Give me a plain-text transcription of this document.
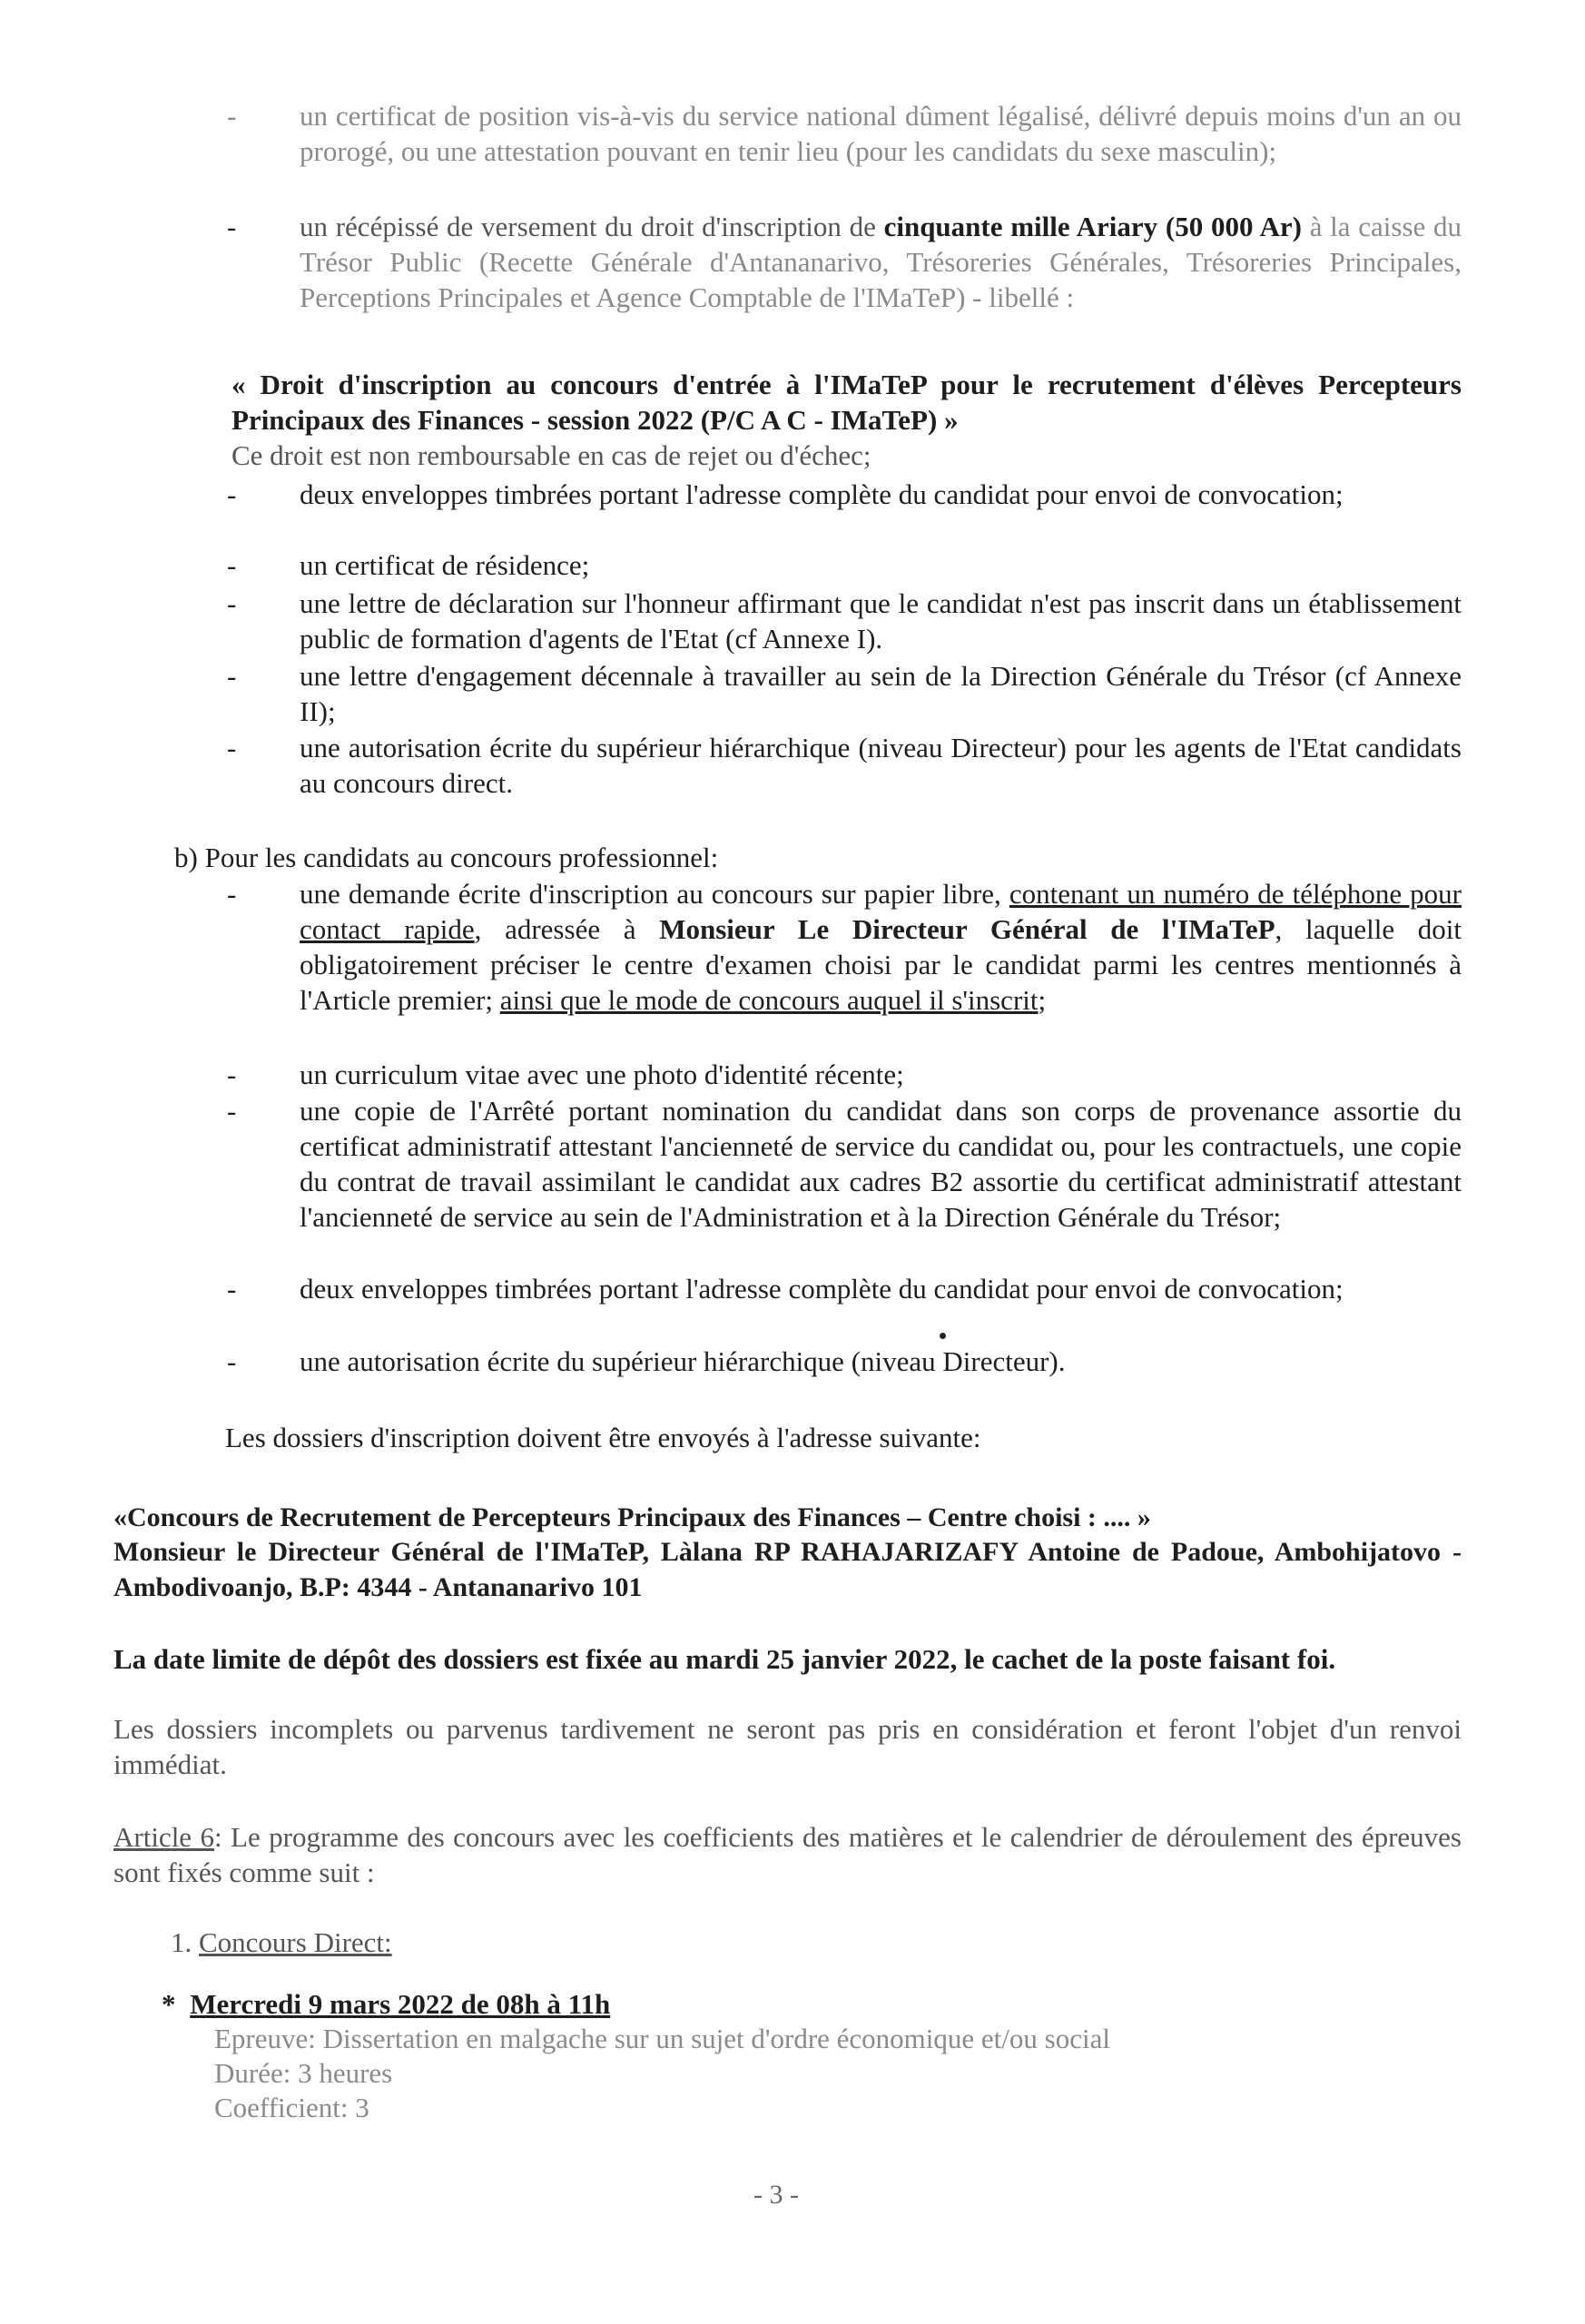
- un certificat de position vis-à-vis du service national dûment légalisé, délivré depuis moins d'un an ou prorogé, ou une attestation pouvant en tenir lieu (pour les candidats du sexe masculin);
- un récépissé de versement du droit d'inscription de cinquante mille Ariary (50 000 Ar) à la caisse du Trésor Public (Recette Générale d'Antananarivo, Trésoreries Générales, Trésoreries Principales, Perceptions Principales et Agence Comptable de l'IMaTeP) - libellé :
« Droit d'inscription au concours d'entrée à l'IMaTeP pour le recrutement d'élèves Percepteurs Principaux des Finances - session 2022 (P/C A C - IMaTeP) »
Ce droit est non remboursable en cas de rejet ou d'échec;
- deux enveloppes timbrées portant l'adresse complète du candidat pour envoi de convocation;
- un certificat de résidence;
- une lettre de déclaration sur l'honneur affirmant que le candidat n'est pas inscrit dans un établissement public de formation d'agents de l'Etat (cf Annexe I).
- une lettre d'engagement décennale à travailler au sein de la Direction Générale du Trésor (cf Annexe II);
- une autorisation écrite du supérieur hiérarchique (niveau Directeur) pour les agents de l'Etat candidats au concours direct.
b) Pour les candidats au concours professionnel:
- une demande écrite d'inscription au concours sur papier libre, contenant un numéro de téléphone pour contact rapide, adressée à Monsieur Le Directeur Général de l'IMaTeP, laquelle doit obligatoirement préciser le centre d'examen choisi par le candidat parmi les centres mentionnés à l'Article premier; ainsi que le mode de concours auquel il s'inscrit;
- un curriculum vitae avec une photo d'identité récente;
- une copie de l'Arrêté portant nomination du candidat dans son corps de provenance assortie du certificat administratif attestant l'ancienneté de service du candidat ou, pour les contractuels, une copie du contrat de travail assimilant le candidat aux cadres B2 assortie du certificat administratif attestant l'ancienneté de service au sein de l'Administration et à la Direction Générale du Trésor;
- deux enveloppes timbrées portant l'adresse complète du candidat pour envoi de convocation;
- une autorisation écrite du supérieur hiérarchique (niveau Directeur).
Les dossiers d'inscription doivent être envoyés à l'adresse suivante:
«Concours de Recrutement de Percepteurs Principaux des Finances – Centre choisi : .... »
Monsieur le Directeur Général de l'IMaTeP, Làlana RP RAHAJARIZAFY Antoine de Padoue, Ambohijatovo - Ambodivoanjo, B.P: 4344 - Antananarivo 101
La date limite de dépôt des dossiers est fixée au mardi 25 janvier 2022, le cachet de la poste faisant foi.
Les dossiers incomplets ou parvenus tardivement ne seront pas pris en considération et feront l'objet d'un renvoi immédiat.
Article 6: Le programme des concours avec les coefficients des matières et le calendrier de déroulement des épreuves sont fixés comme suit :
1. Concours Direct:
* Mercredi 9 mars 2022 de 08h à 11h
Epreuve: Dissertation en malgache sur un sujet d'ordre économique et/ou social
Durée: 3 heures
Coefficient: 3
- 3 -
